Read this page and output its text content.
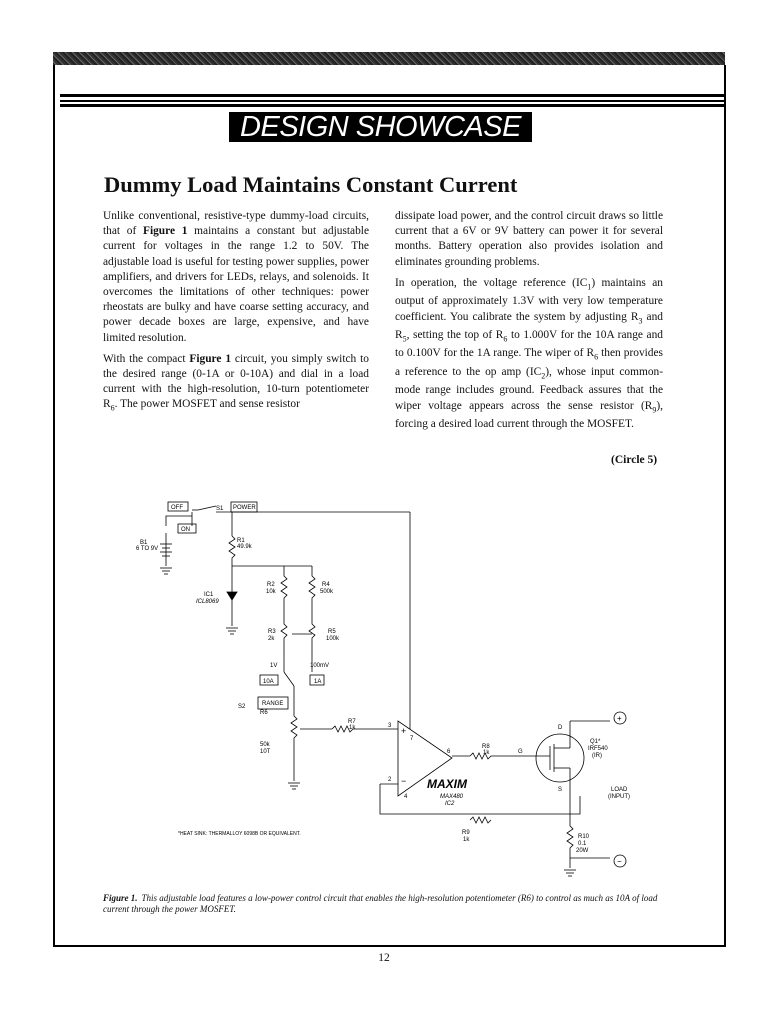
DESIGN SHOWCASE
Dummy Load Maintains Constant Current

Unlike conventional, resistive-type dummy-load circuits, that of Figure 1 maintains a constant but adjustable current for voltages in the range 1.2 to 50V. The adjustable load is useful for testing power supplies, power amplifiers, and drivers for LEDs, relays, and solenoids. It overcomes the limitations of other techniques: power rheostats are bulky and have coarse setting accuracy, and power decade boxes are large, expensive, and have limited resolution.

With the compact Figure 1 circuit, you simply switch to the desired range (0-1A or 0-10A) and dial in a load current with the high-resolution, 10-turn potentiometer $R_6$. The power MOSFET and sense resistor

dissipate load power, and the control circuit draws so little current that a 6V or 9V battery can power it for several months. Battery operation also provides isolation and eliminates grounding problems.

In operation, the voltage reference $(IC_1)$ maintains an output of approximately 1.3V with very low temperature coefficient. You calibrate the system by adjusting $R_3$ and $R_5$, setting the top of $R_6$ to 1.000V for the 10A range and to 0.100V for the 1A range. The wiper of $R_6$ then provides a reference to the op amp $(IC_2)$, whose input common-mode range includes ground. Feedback assures that the wiper voltage appears across the sense resistor $(R_9)$, forcing a desired load current through the MOSFET.

(Circle 5)
OFF
ON
S1 POWER
B1
6 TO 9V
R1
49.9k
IC1
ICL8069
R2
10k
R4
500k
R3
2k
R5
100k
1V	100mV
10A	1A
S2	RANGE
R6
50k
10T
R7
1k	3
7
6
2
4
+
− MAXIM
MAX480
IC2
R8
1k	G
D
S
Q1*
IRF540
(IR)
LOAD
(INPUT)
+
−
R9
1k	R10
0.1
20W
*HEAT SINK: THERMALLOY 6098B OR EQUIVALENT.
Figure 1. This adjustable load features a low-power control circuit that enables the high-resolution potentiometer (R6) to control as much as 10A of load current through the power MOSFET.
12
